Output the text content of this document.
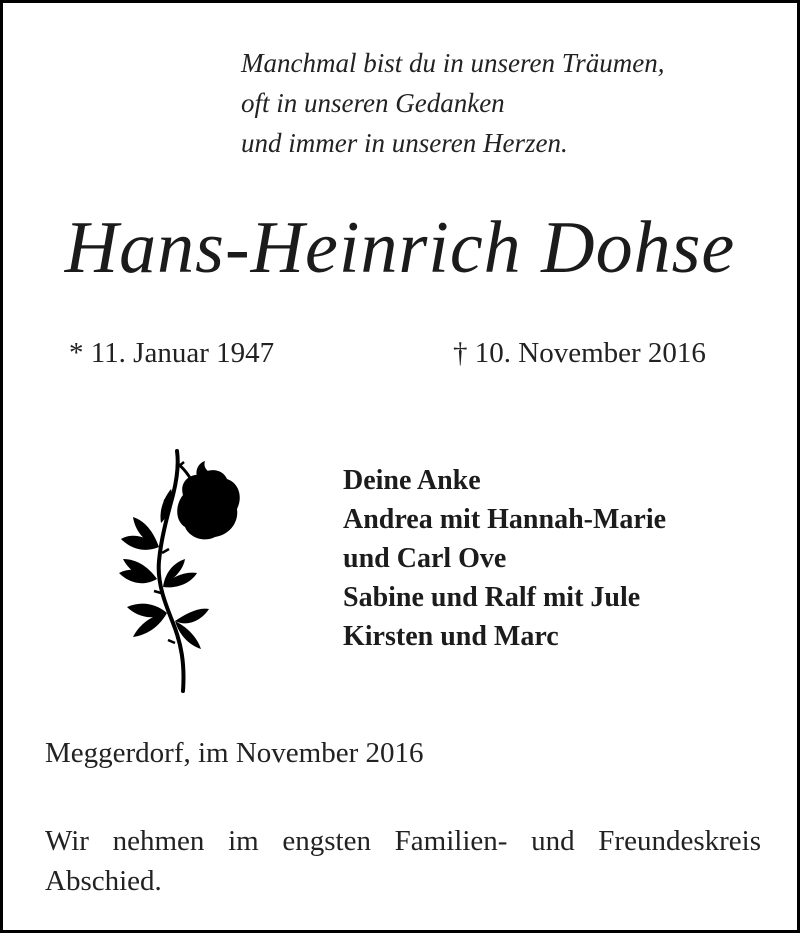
Manchmal bist du in unseren Träumen,
oft in unseren Gedanken
und immer in unseren Herzen.
Hans-Heinrich Dohse
* 11. Januar 1947	† 10. November 2016
Deine Anke
Andrea mit Hannah-Marie
und Carl Ove
Sabine und Ralf mit Jule
Kirsten und Marc
Meggerdorf, im November 2016
Wir nehmen im engsten Familien- und Freundeskreis Abschied.
